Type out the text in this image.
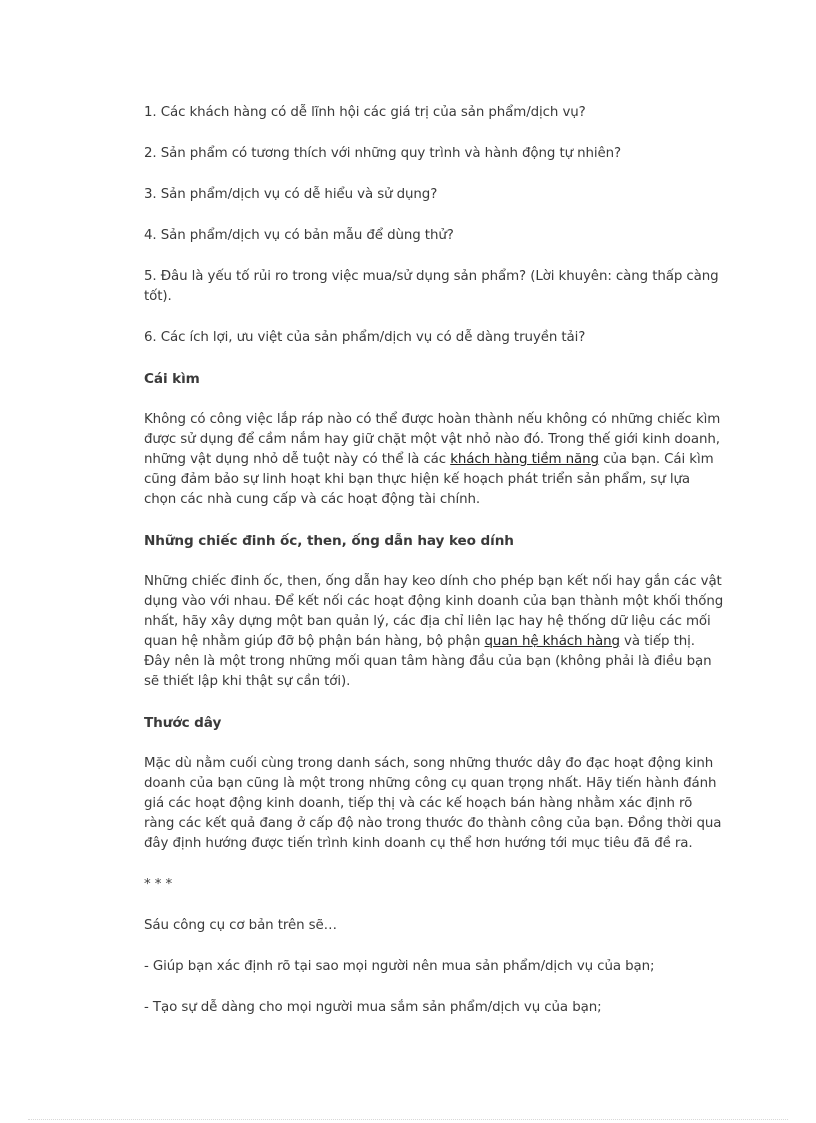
1. Các khách hàng có dễ lĩnh hội các giá trị của sản phẩm/dịch vụ?

2. Sản phẩm có tương thích với những quy trình và hành động tự nhiên?

3. Sản phẩm/dịch vụ có dễ hiểu và sử dụng?

4. Sản phẩm/dịch vụ có bản mẫu để dùng thử?

5. Đâu là yếu tố rủi ro trong việc mua/sử dụng sản phẩm? (Lời khuyên: càng thấp càng tốt).

6. Các ích lợi, ưu việt của sản phẩm/dịch vụ có dễ dàng truyền tải?

Cái kìm

Không có công việc lắp ráp nào có thể được hoàn thành nếu không có những chiếc kìm được sử dụng để cầm nắm hay giữ chặt một vật nhỏ nào đó. Trong thế giới kinh doanh, những vật dụng nhỏ dễ tuột này có thể là các khách hàng tiềm năng của bạn. Cái kìm cũng đảm bảo sự linh hoạt khi bạn thực hiện kế hoạch phát triển sản phẩm, sự lựa chọn các nhà cung cấp và các hoạt động tài chính.

Những chiếc đinh ốc, then, ống dẫn hay keo dính

Những chiếc đinh ốc, then, ống dẫn hay keo dính cho phép bạn kết nối hay gắn các vật dụng vào với nhau. Để kết nối các hoạt động kinh doanh của bạn thành một khối thống nhất, hãy xây dựng một ban quản lý, các địa chỉ liên lạc hay hệ thống dữ liệu các mối quan hệ nhằm giúp đỡ bộ phận bán hàng, bộ phận quan hệ khách hàng và tiếp thị. Đây nên là một trong những mối quan tâm hàng đầu của bạn (không phải là điều bạn sẽ thiết lập khi thật sự cần tới).

Thước dây

Mặc dù nằm cuối cùng trong danh sách, song những thước dây đo đạc hoạt động kinh doanh của bạn cũng là một trong những công cụ quan trọng nhất. Hãy tiến hành đánh giá các hoạt động kinh doanh, tiếp thị và các kế hoạch bán hàng nhằm xác định rõ ràng các kết quả đang ở cấp độ nào trong thước đo thành công của bạn. Đồng thời qua đây định hướng được tiến trình kinh doanh cụ thể hơn hướng tới mục tiêu đã đề ra.

* * *

Sáu công cụ cơ bản trên sẽ…

- Giúp bạn xác định rõ tại sao mọi người nên mua sản phẩm/dịch vụ của bạn;

- Tạo sự dễ dàng cho mọi người mua sắm sản phẩm/dịch vụ của bạn;
